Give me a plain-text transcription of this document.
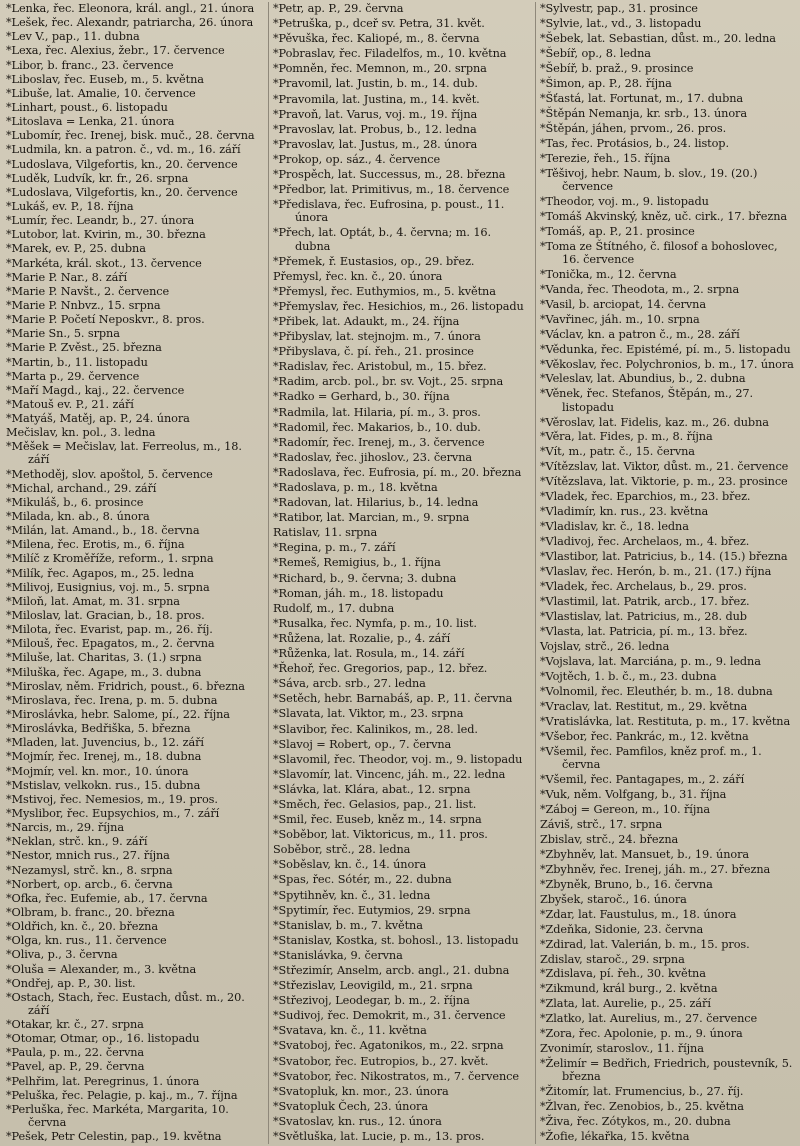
*Lenka, řec. Eleonora, král. angl., 21. února
*Lešek, řec. Alexandr, patriarcha, 26. února
*Lev V., pap., 11. dubna
*Lexa, řec. Alexius, žebr., 17. července
*Libor, b. franc., 23. července
*Liboslav, řec. Euseb, m., 5. května
*Libuše, lat. Amalie, 10. července
*Linhart, poust., 6. listopadu
*Litoslava = Lenka, 21. února
*Lubomír, řec. Irenej, bisk. muč., 28. června
*Ludmila, kn. a patron. č., vd. m., 16. září
*Ludoslava, Vilgefortis, kn., 20. července
*Luděk, Ludvík, kr. fr., 26. srpna
*Ludoslava, Vilgefortis, kn., 20. července
*Lukáš, ev. P., 18. října
*Lumír, řec. Leandr, b., 27. února
*Lutobor, lat. Kvirin, m., 30. března
*Marek, ev. P., 25. dubna
*Markéta, král. skot., 13. července
*Marie P. Nar., 8. září
*Marie P. Navšt., 2. července
*Marie P. Nnbvz., 15. srpna
*Marie P. Početí Neposkvr., 8. pros.
*Marie Sn., 5. srpna
*Marie P. Zvěst., 25. března
*Martin, b., 11. listopadu
*Marta p., 29. července
*Maří Magd., kaj., 22. července
*Matouš ev. P., 21. září
*Matyáš, Matěj, ap. P., 24. února
Mečislav, kn. pol., 3. ledna
*Měšek = Mečislav, lat. Ferreolus, m., 18. září
*Methoděj, slov. apoštol, 5. července
*Michal, archand., 29. září
*Mikuláš, b., 6. prosince
*Milada, kn. ab., 8. února
*Milán, lat. Amand., b., 18. června
*Milena, řec. Erotis, m., 6. října
*Milíč z Kroměříže, reform., 1. srpna
*Milík, řec. Agapos, m., 25. ledna
*Milivoj, Eusignius, voj. m., 5. srpna
*Miloň, lat. Amat, m. 31. srpna
*Miloslav, lat. Gracian, b., 18. pros.
*Milota, řec. Evarist, pap. m., 26. říj.
*Milouš, řec. Epagatos, m., 2. června
*Miluše, lat. Charitas, 3. (1.) srpna
*Miluška, řec. Agape, m., 3. dubna
*Miroslav, něm. Fridrich, poust., 6. března
*Miroslava, řec. Irena, p. m. 5. dubna
*Miroslávka, hebr. Salome, pí., 22. října
*Miroslávka, Bedřiška, 5. března
*Mladen, lat. Juvencius, b., 12. září
*Mojmír, řec. Irenej, m., 18. dubna
*Mojmír, vel. kn. mor., 10. února
*Mstislav, velkokn. rus., 15. dubna
*Mstivoj, řec. Nemesios, m., 19. pros.
*Myslibor, řec. Eupsychios, m., 7. září
*Narcis, m., 29. října
*Neklan, strč. kn., 9. září
*Nestor, mnich rus., 27. října
*Nezamysl, strč. kn., 8. srpna
*Norbert, op. arcb., 6. června
*Ofka, řec. Eufemie, ab., 17. června
*Olbram, b. franc., 20. března
*Oldřich, kn. č., 20. března
*Olga, kn. rus., 11. července
*Oliva, p., 3. června
*Oluša = Alexander, m., 3. května
*Ondřej, ap. P., 30. list.
*Ostach, Stach, řec. Eustach, důst. m., 20. září
*Otakar, kr. č., 27. srpna
*Otomar, Otmar, op., 16. listopadu
*Paula, p. m., 22. června
*Pavel, ap. P., 29. června
*Pelhřim, lat. Peregrinus, 1. února
*Peluška, řec. Pelagie, p. kaj., m., 7. října
*Perluška, řec. Markéta, Margarita, 10. června
*Pešek, Petr Celestin, pap., 19. května
*Petr, ap. P., 29. června
*Petruška, p., dceř sv. Petra, 31. květ.
*Pěvuška, řec. Kaliopé, m., 8. června
*Pobraslav, řec. Filadelfos, m., 10. května
*Pomněn, řec. Memnon, m., 20. srpna
*Pravomil, lat. Justin, b. m., 14. dub.
*Pravomila, lat. Justina, m., 14. květ.
*Pravoň, lat. Varus, voj. m., 19. října
*Pravoslav, lat. Probus, b., 12. ledna
*Pravoslav, lat. Justus, m., 28. února
*Prokop, op. sáz., 4. července
*Prospěch, lat. Successus, m., 28. března
*Předbor, lat. Primitivus, m., 18. července
*Předislava, řec. Eufrosina, p. poust., 11. února
*Přech, lat. Optát, b., 4. června; m. 16. dubna
*Přemek, ř. Eustasios, op., 29. břez.
Přemysl, řec. kn. č., 20. února
*Přemysl, řec. Euthymios, m., 5. května
*Přemyslav, řec. Hesichios, m., 26. listopadu
*Přibek, lat. Adaukt, m., 24. října
*Přibyslav, lat. stejnojm. m., 7. února
*Přibyslava, č. pí. řeh., 21. prosince
*Radislav, řec. Aristobul, m., 15. břez.
*Radim, arcb. pol., br. sv. Vojt., 25. srpna
*Radko = Gerhard, b., 30. října
*Radmila, lat. Hilaria, pí. m., 3. pros.
*Radomil, řec. Makarios, b., 10. dub.
*Radomír, řec. Irenej, m., 3. července
*Radoslav, řec. jihoslov., 23. června
*Radoslava, řec. Eufrosia, pí. m., 20. března
*Radoslava, p. m., 18. května
*Radovan, lat. Hilarius, b., 14. ledna
*Ratibor, lat. Marcian, m., 9. srpna
Ratislav, 11. srpna
*Regina, p. m., 7. září
*Remeš, Remigius, b., 1. října
*Richard, b., 9. června; 3. dubna
*Roman, jáh. m., 18. listopadu
Rudolf, m., 17. dubna
*Rusalka, řec. Nymfa, p. m., 10. list.
*Růžena, lat. Rozalie, p., 4. září
*Růženka, lat. Rosula, m., 14. září
*Řehoř, řec. Gregorios, pap., 12. břez.
*Sáva, arcb. srb., 27. ledna
*Setěch, hebr. Barnabáš, ap. P., 11. června
*Slavata, lat. Viktor, m., 23. srpna
*Slavibor, řec. Kalinikos, m., 28. led.
*Slavoj = Robert, op., 7. června
*Slavomil, řec. Theodor, voj. m., 9. listopadu
*Slavomír, lat. Vincenc, jáh. m., 22. ledna
*Slávka, lat. Klára, abat., 12. srpna
*Směch, řec. Gelasios, pap., 21. list.
*Smil, řec. Euseb, kněz m., 14. srpna
*Soběbor, lat. Viktoricus, m., 11. pros.
Soběbor, strč., 28. ledna
*Soběslav, kn. č., 14. února
*Spas, řec. Sótér, m., 22. dubna
*Spytihněv, kn. č., 31. ledna
*Spytimír, řec. Eutymios, 29. srpna
*Stanislav, b. m., 7. května
*Stanislav, Kostka, st. bohosl., 13. listopadu
*Stanislávka, 9. června
*Střezimír, Anselm, arcb. angl., 21. dubna
*Střezislav, Leovigild, m., 21. srpna
*Střezivoj, Leodegar, b. m., 2. října
*Sudivoj, řec. Demokrit, m., 31. července
*Svatava, kn. č., 11. května
*Svatoboj, řec. Agatonikos, m., 22. srpna
*Svatobor, řec. Eutropios, b., 27. květ.
*Svatobor, řec. Nikostratos, m., 7. července
*Svatopluk, kn. mor., 23. února
*Svatopluk Čech, 23. února
*Svatoslav, kn. rus., 12. února
*Světluška, lat. Lucie, p. m., 13. pros.
*Sylvestr, pap., 31. prosince
*Sylvie, lat., vd., 3. listopadu
*Šebek, lat. Sebastian, důst. m., 20. ledna
*Šebíř, op., 8. ledna
*Šebíř, b. praž., 9. prosince
*Šimon, ap. P., 28. října
*Šťastá, lat. Fortunat, m., 17. dubna
*Štěpán Nemanja, kr. srb., 13. února
*Štěpán, jáhen, prvom., 26. pros.
*Tas, řec. Protásios, b., 24. listop.
*Terezie, řeh., 15. října
*Těšivoj, hebr. Naum, b. slov., 19. (20.) července
*Theodor, voj. m., 9. listopadu
*Tomáš Akvinský, kněz, uč. cirk., 17. března
*Tomáš, ap. P., 21. prosince
*Toma ze Štítného, č. filosof a bohoslovec, 16. července
*Tonička, m., 12. června
*Vanda, řec. Theodota, m., 2. srpna
*Vasil, b. arciopat, 14. června
*Vavřinec, jáh. m., 10. srpna
*Václav, kn. a patron č., m., 28. září
*Vědunka, řec. Epistémé, pí. m., 5. listopadu
*Věkoslav, řec. Polychronios, b. m., 17. února
*Veleslav, lat. Abundius, b., 2. dubna
*Věnek, řec. Stefanos, Štěpán, m., 27. listopadu
*Věroslav, lat. Fidelis, kaz. m., 26. dubna
*Věra, lat. Fides, p. m., 8. října
*Vít, m., patr. č., 15. června
*Vítězslav, lat. Viktor, důst. m., 21. července
*Vítězslava, lat. Viktorie, p. m., 23. prosince
*Vladek, řec. Eparchios, m., 23. břez.
*Vladimír, kn. rus., 23. května
*Vladislav, kr. č., 18. ledna
*Vladivoj, řec. Archelaos, m., 4. břez.
*Vlastibor, lat. Patricius, b., 14. (15.) března
*Vlaslav, řec. Herón, b. m., 21. (17.) října
*Vladek, řec. Archelaus, b., 29. pros.
*Vlastimil, lat. Patrik, arcb., 17. břez.
*Vlastislav, lat. Patricius, m., 28. dub
*Vlasta, lat. Patricia, pí. m., 13. břez.
Vojslav, strč., 26. ledna
*Vojslava, lat. Marciána, p. m., 9. ledna
*Vojtěch, 1. b. č., m., 23. dubna
*Volnomil, řec. Eleuthér, b. m., 18. dubna
*Vraclav, lat. Restitut, m., 29. května
*Vratislávka, lat. Restituta, p. m., 17. května
*Všebor, řec. Pankrác, m., 12. května
*Všemil, řec. Pamfilos, kněz prof. m., 1. června
*Všemil, řec. Pantagapes, m., 2. září
*Vuk, něm. Volfgang, b., 31. října
*Záboj = Gereon, m., 10. října
Záviš, strč., 17. srpna
Zbislav, strč., 24. března
*Zbyhněv, lat. Mansuet, b., 19. února
*Zbyhněv, řec. Irenej, jáh. m., 27. března
*Zbyněk, Bruno, b., 16. června
Zbyšek, staroč., 16. února
*Zdar, lat. Faustulus, m., 18. února
*Zdeňka, Sidonie, 23. června
*Zdirad, lat. Valerián, b. m., 15. pros.
Zdislav, staroč., 29. srpna
*Zdislava, pí. řeh., 30. května
*Zikmund, král burg., 2. května
*Zlata, lat. Aurelie, p., 25. září
*Zlatko, lat. Aurelius, m., 27. července
*Zora, řec. Apolonie, p. m., 9. února
Zvonimír, staroslov., 11. října
*Želimír = Bedřich, Friedrich, poustevník, 5. března
*Žitomír, lat. Frumencius, b., 27. říj.
*Žlvan, řec. Zenobios, b., 25. května
*Živa, řec. Zótykos, m., 20. dubna
*Žofie, lékařka, 15. května
